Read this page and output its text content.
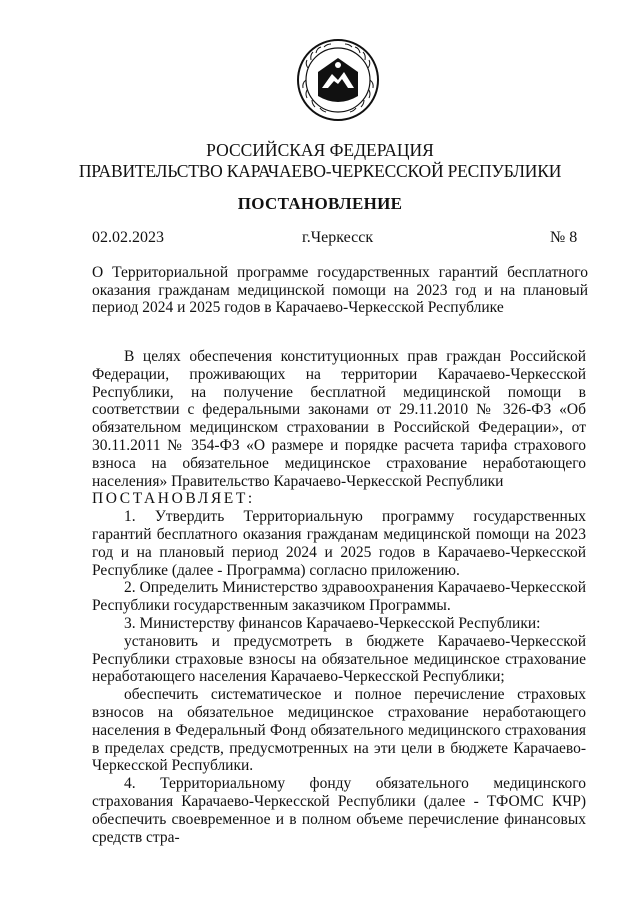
РОССИЙСКАЯ ФЕДЕРАЦИЯ
ПРАВИТЕЛЬСТВО КАРАЧАЕВО-ЧЕРКЕССКОЙ РЕСПУБЛИКИ
ПОСТАНОВЛЕНИЕ
02.02.2023	г.Черкесск	№ 8
О Территориальной программе государственных гарантий бесплатного оказания гражданам медицинской помощи на 2023 год и на плановый период 2024 и 2025 годов в Карачаево-Черкесской Республике

В целях обеспечения конституционных прав граждан Российской Федерации, проживающих на территории Карачаево-Черкесской Республики, на получение бесплатной медицинской помощи в соответствии с федеральными законами от 29.11.2010 № 326-ФЗ «Об обязательном медицинском страховании в Российской Федерации», от 30.11.2011 № 354-ФЗ «О размере и порядке расчета тарифа страхового взноса на обязательное медицинское страхование неработающего населения» Правительство Карачаево-Черкесской Республики

ПОСТАНОВЛЯЕТ:

1. Утвердить Территориальную программу государственных гарантий бесплатного оказания гражданам медицинской помощи на 2023 год и на плановый период 2024 и 2025 годов в Карачаево-Черкесской Республике (далее - Программа) согласно приложению.

2. Определить Министерство здравоохранения Карачаево-Черкесской Республики государственным заказчиком Программы.

3. Министерству финансов Карачаево-Черкесской Республики:

установить и предусмотреть в бюджете Карачаево-Черкесской Республики страховые взносы на обязательное медицинское страхование неработающего населения Карачаево-Черкесской Республики;

обеспечить систематическое и полное перечисление страховых взносов на обязательное медицинское страхование неработающего населения в Федеральный Фонд обязательного медицинского страхования в пределах средств, предусмотренных на эти цели в бюджете Карачаево-Черкесской Республики.

4. Территориальному фонду обязательного медицинского страхования Карачаево-Черкесской Республики (далее - ТФОМС КЧР) обеспечить своевременное и в полном объеме перечисление финансовых средств стра-
